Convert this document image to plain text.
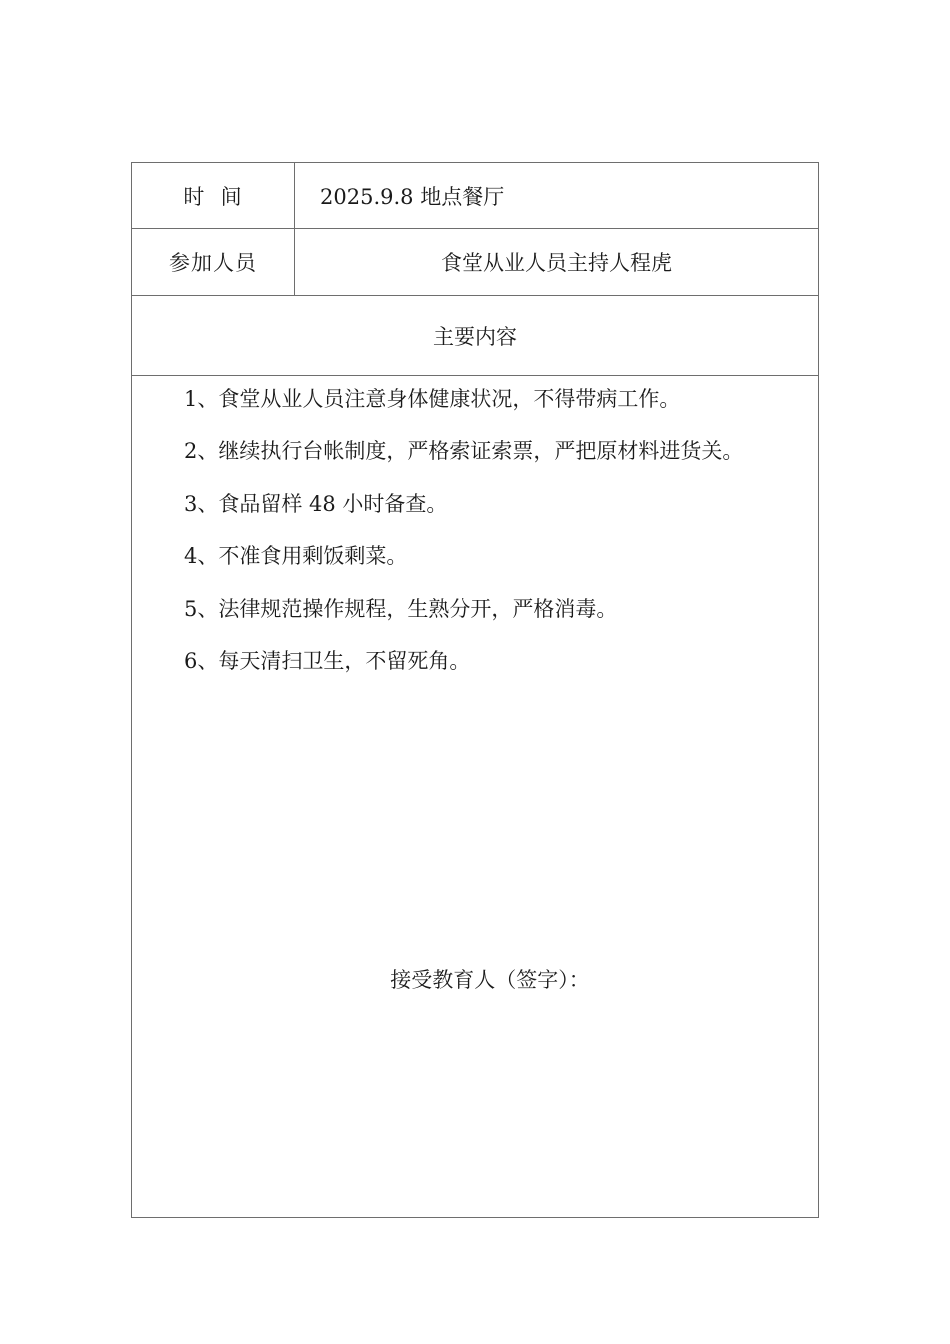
时  间	2025.9.8 地点餐厅
参加人员	食堂从业人员主持人程虎
主要内容
1、食堂从业人员注意身体健康状况，不得带病工作。
2、继续执行台帐制度，严格索证索票，严把原材料进货关。
3、食品留样 48 小时备查。
4、不准食用剩饭剩菜。
5、法律规范操作规程，生熟分开，严格消毒。
6、每天清扫卫生，不留死角。
接受教育人（签字）：
